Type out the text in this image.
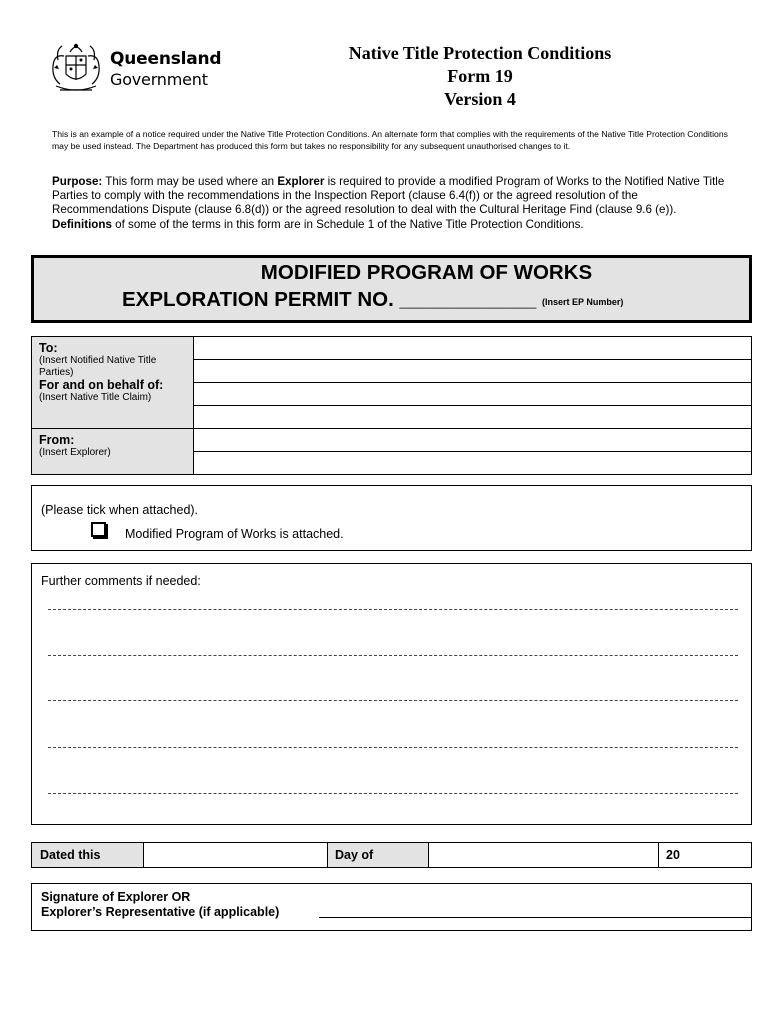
Queensland
Government
Native Title Protection Conditions
Form 19
Version 4
This is an example of a notice required under the Native Title Protection Conditions. An alternate form that complies with the requirements of the Native Title Protection Conditions may be used instead. The Department has produced this form but takes no responsibility for any subsequent unauthorised changes to it.
Purpose: This form may be used where an Explorer is required to provide a modified Program of Works to the Notified Native Title Parties to comply with the recommendations in the Inspection Report (clause 6.4(f)) or the agreed resolution of the Recommendations Dispute (clause 6.8(d)) or the agreed resolution to deal with the Cultural Heritage Find (clause 9.6 (e)).
Definitions of some of the terms in this form are in Schedule 1 of the Native Title Protection Conditions.
MODIFIED PROGRAM OF WORKS
EXPLORATION PERMIT NO. ____________ (Insert EP Number)
To:
(Insert Notified Native Title Parties)
For and on behalf of:
(Insert Native Title Claim)
From:
(Insert Explorer)
(Please tick when attached).
Modified Program of Works is attached.
Further comments if needed:
Dated this	Day of	20
Signature of Explorer OR
Explorer’s Representative (if applicable)
